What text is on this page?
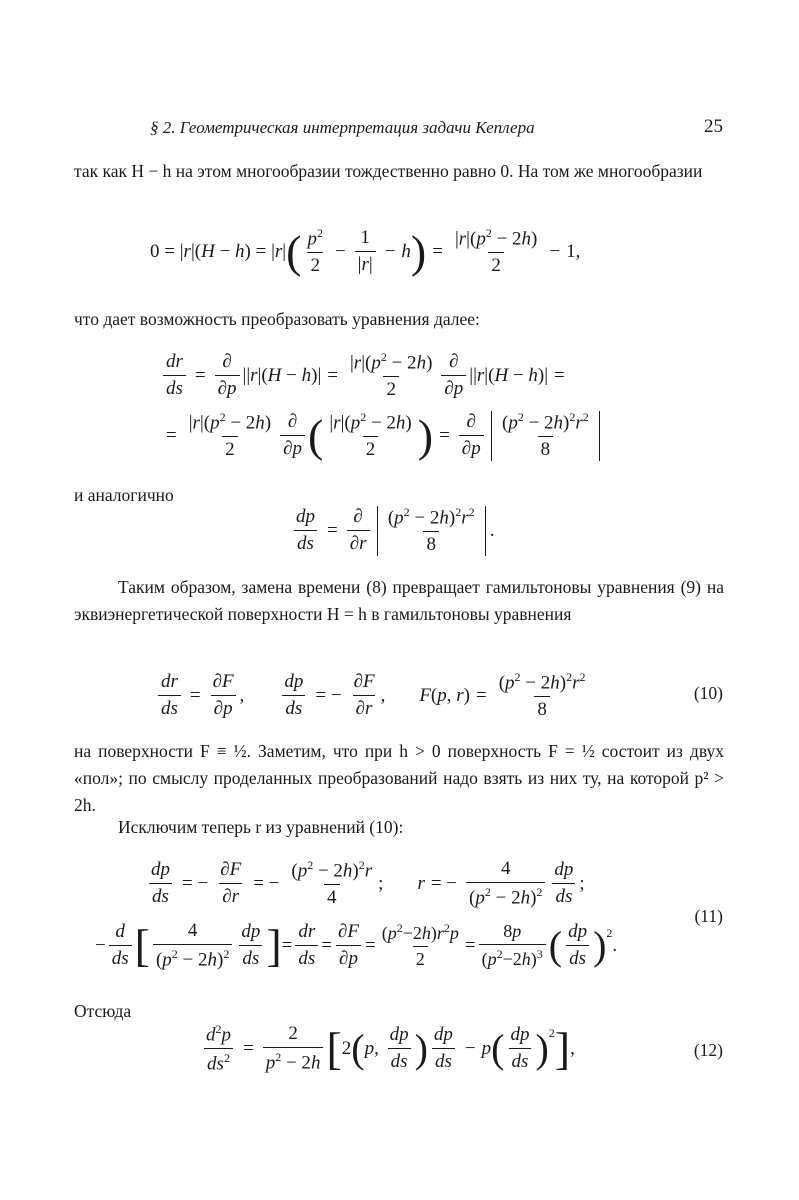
§ 2. Геометрическая интерпретация задачи Кеплера	25
так как H − h на этом многообразии тождественно равно 0. На том же многообразии
0 = |r|(H − h) = |r| ( $\frac{p^2}{2} - \frac{1}{|r|} - h$ ) = $\frac{|r|(p^2 - 2h)}{2} - 1$,
что дает возможность преобразовать уравнения далее:
$\frac{dr}{ds} = \frac{\partial}{\partial p} ||r|(H - h)| = \frac{|r|(p^2 - 2h)}{2} \frac{\partial}{\partial p} ||r|(H - h)|$ =
= $\frac{|r|(p^2 - 2h)}{2} \frac{\partial}{\partial p}$ ( $\frac{|r|(p^2 - 2h)}{2}$ ) = $\frac{\partial}{\partial p} \frac{(p^2 - 2h)^2r^2}{8}$
и аналогично
$\frac{dp}{ds} = \frac{\partial}{\partial r} \frac{(p^2 - 2h)^2r^2}{8}$ .
Таким образом, замена времени (8) превращает гамильтоновы уравнения (9) на эквиэнергетической поверхности H = h в гамильтоновы уравнения
$\frac{dr}{ds} = \frac{\partial F}{\partial p}$ , $\frac{dp}{ds}$ = − $\frac{\partial F}{\partial r}$ , F(p, $r) = \frac{(p^2 - 2h)^2r^2}{8}$	(10)
на поверхности F ≡ ½. Заметим, что при h > 0 поверхность F = ½ состоит из двух «пол»; по смыслу проделанных преобразований надо взять из них ту, на которой p² > 2h.
Исключим теперь r из уравнений (10):
$\frac{dp}{ds}$ = − $\frac{\partial F}{\partial r}$ = − $\frac{(p^2 - 2h)^2r}{4}$ ; r = − $\frac{4}{(p^2 - 2h)^2} \frac{dp}{ds}$ ;
− $\frac{d}{ds}$ [ $\frac{4}{(p^2 - 2h)^2} \frac{dp}{ds}$ ] = $\frac{dr}{ds} = \frac{\partial F}{\partial p} = \frac{(p^2-2h)r^2p}{2} = \frac{8p}{(p^2-2h)^3}$ ( $\frac{dp}{ds} )^2$
.
(11)
Отсюда
$\frac{d^2p}{ds^2} = \frac{2}{p^2 - 2h}$ [ 2 ( p , $\frac{dp}{ds}$ ) $\frac{dp}{ds} - p$ ( $\frac{dp}{ds} )^2$ ] ,	(12)
